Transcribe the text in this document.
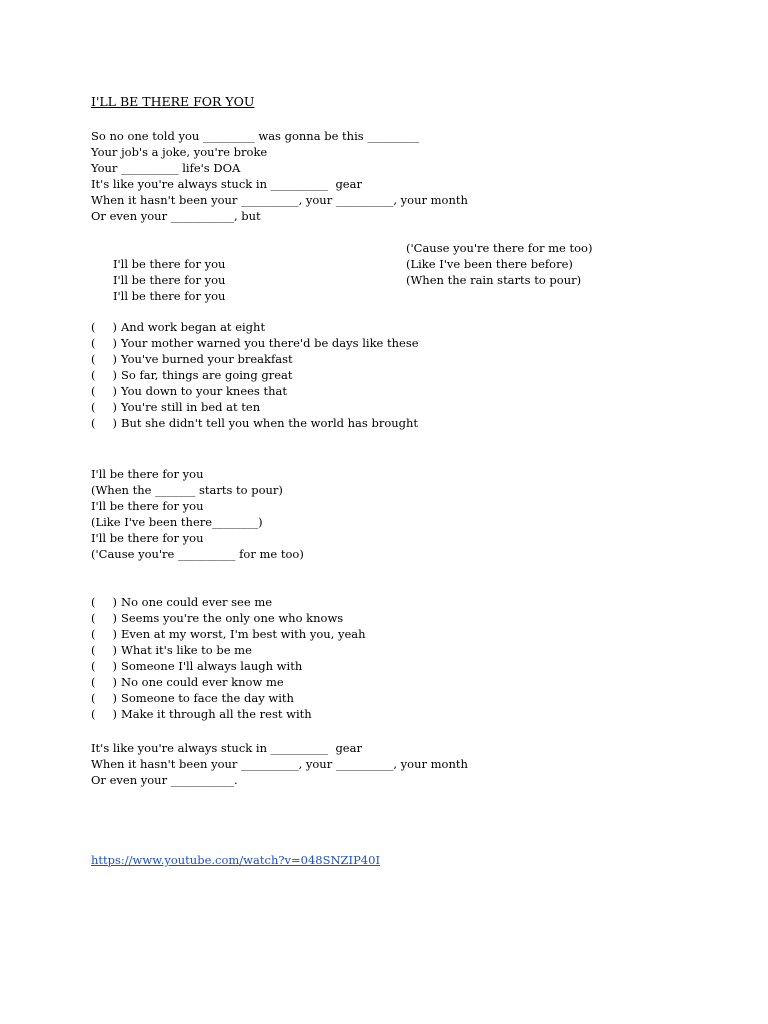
I'LL BE THERE FOR YOU
So no one told you _________ was gonna be this _________
Your job's a joke, you're broke
Your __________ life's DOA
It's like you're always stuck in __________  gear
When it hasn't been your __________, your __________, your month
Or even your ___________, but

I'll be there for you

('Cause you're there for me too)

I'll be there for you

(Like I've been there before)

I'll be there for you

(When the rain starts to pour)

( ) And work began at eight
( ) Your mother warned you there'd be days like these
( ) You've burned your breakfast
( ) So far, things are going great
( ) You down to your knees that
( ) You're still in bed at ten
( ) But she didn't tell you when the world has brought
I'll be there for you
(When the _______ starts to pour)
I'll be there for you
(Like I've been there________)
I'll be there for you
('Cause you're __________ for me too)
( ) No one could ever see me
( ) Seems you're the only one who knows
( ) Even at my worst, I'm best with you, yeah
( ) What it's like to be me
( ) Someone I'll always laugh with
( ) No one could ever know me
( ) Someone to face the day with
( ) Make it through all the rest with
It's like you're always stuck in __________  gear
When it hasn't been your __________, your __________, your month
Or even your ___________.
https://www.youtube.com/watch?v=048SNZIP40I
